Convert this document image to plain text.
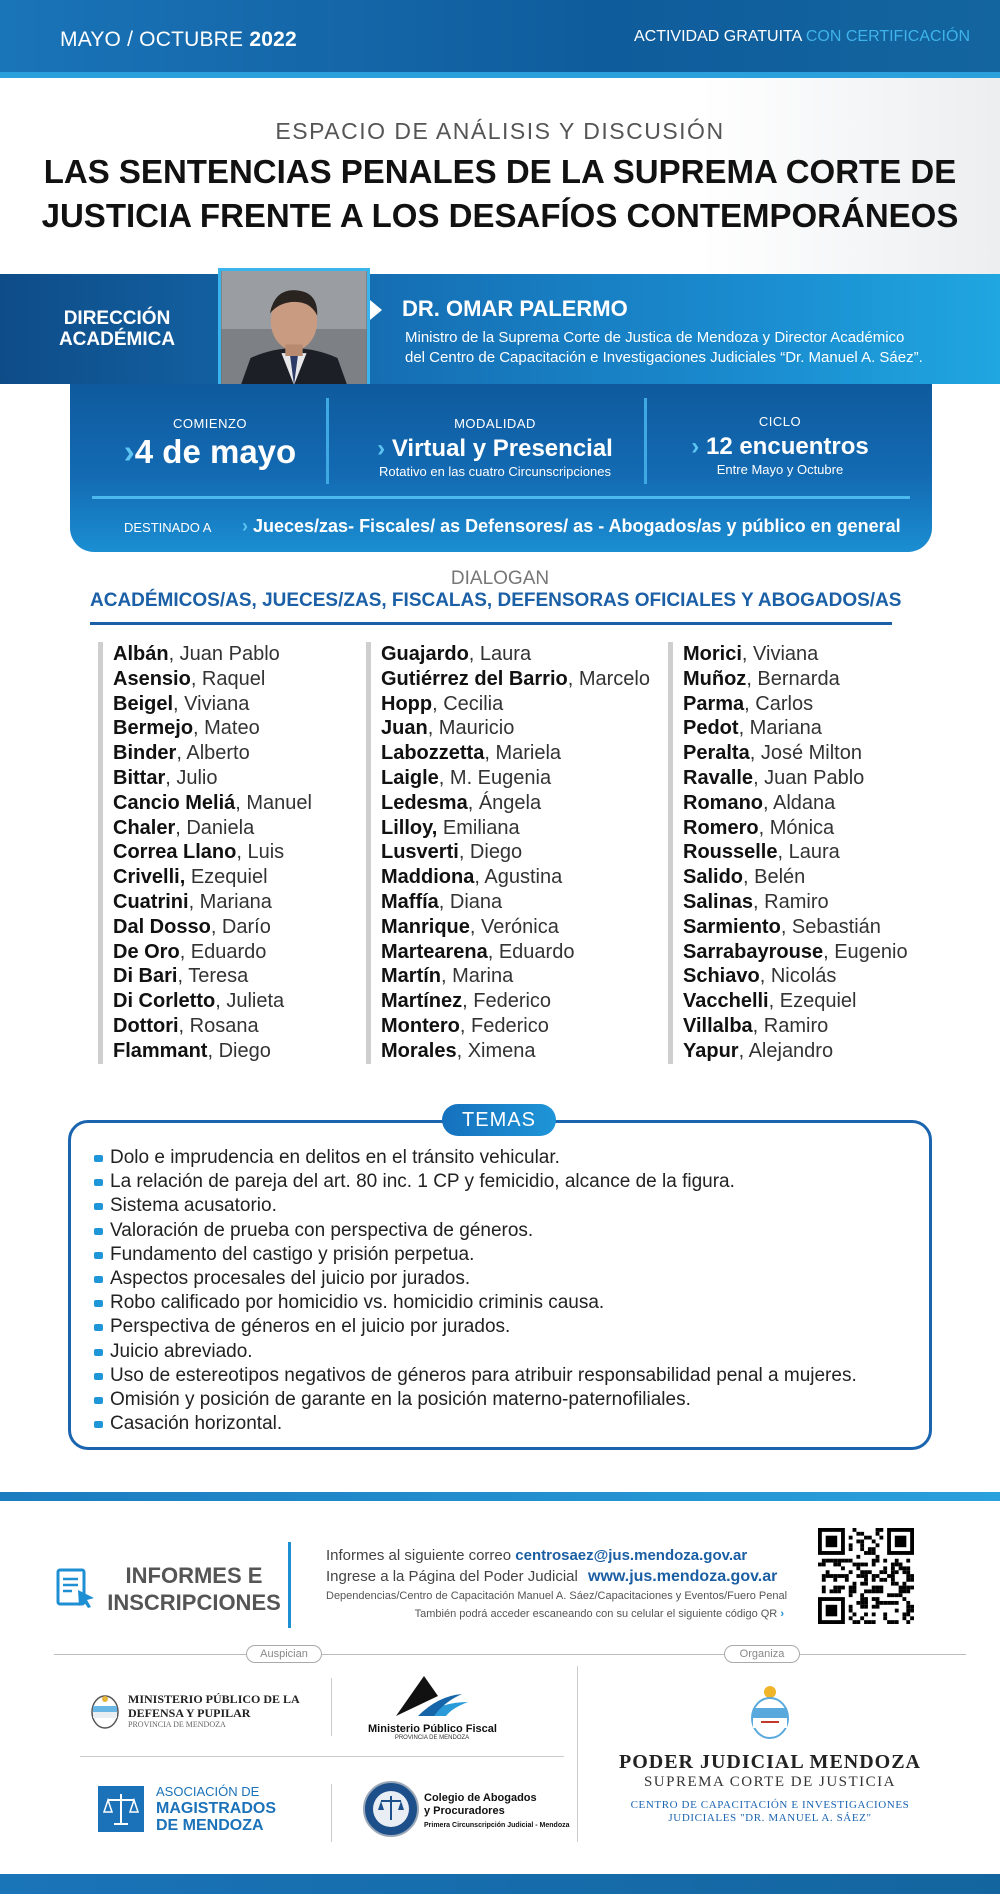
MAYO / OCTUBRE 2022	ACTIVIDAD GRATUITA CON CERTIFICACIÓN
ESPACIO DE ANÁLISIS Y DISCUSIÓN
LAS SENTENCIAS PENALES DE LA SUPREMA CORTE DE
JUSTICIA FRENTE A LOS DESAFÍOS CONTEMPORÁNEOS
DIRECCIÓN
ACADÉMICA
DR. OMAR PALERMO
Ministro de la Suprema Corte de Justica de Mendoza y Director Académico
del Centro de Capacitación e Investigaciones Judiciales “Dr. Manuel A. Sáez”.
COMIENZO
›4 de mayo
MODALIDAD
› Virtual y Presencial
Rotativo en las cuatro Circunscripciones
CICLO
› 12 encuentros
Entre Mayo y Octubre
DESTINADO A › Jueces/zas- Fiscales/ as Defensores/ as - Abogados/as y público en general
DIALOGAN
ACADÉMICOS/AS, JUECES/ZAS, FISCALAS, DEFENSORAS OFICIALES Y ABOGADOS/AS
Albán, Juan Pablo
Asensio, Raquel
Beigel, Viviana
Bermejo, Mateo
Binder, Alberto
Bittar, Julio
Cancio Meliá, Manuel
Chaler, Daniela
Correa Llano, Luis
Crivelli, Ezequiel
Cuatrini, Mariana
Dal Dosso, Darío
De Oro, Eduardo
Di Bari, Teresa
Di Corletto, Julieta
Dottori, Rosana
Flammant, Diego
Guajardo, Laura
Gutiérrez del Barrio, Marcelo
Hopp, Cecilia
Juan, Mauricio
Labozzetta, Mariela
Laigle, M. Eugenia
Ledesma, Ángela
Lilloy, Emiliana
Lusverti, Diego
Maddiona, Agustina
Maffía, Diana
Manrique, Verónica
Martearena, Eduardo
Martín, Marina
Martínez, Federico
Montero, Federico
Morales, Ximena
Morici, Viviana
Muñoz, Bernarda
Parma, Carlos
Pedot, Mariana
Peralta, José Milton
Ravalle, Juan Pablo
Romano, Aldana
Romero, Mónica
Rousselle, Laura
Salido, Belén
Salinas, Ramiro
Sarmiento, Sebastián
Sarrabayrouse, Eugenio
Schiavo, Nicolás
Vacchelli, Ezequiel
Villalba, Ramiro
Yapur, Alejandro
TEMAS
Dolo e imprudencia en delitos en el tránsito vehicular.
La relación de pareja del art. 80 inc. 1 CP y femicidio, alcance de la figura.
Sistema acusatorio.
Valoración de prueba con perspectiva de géneros.
Fundamento del castigo y prisión perpetua.
Aspectos procesales del juicio por jurados.
Robo calificado por homicidio vs. homicidio criminis causa.
Perspectiva de géneros en el juicio por jurados.
Juicio abreviado.
Uso de estereotipos negativos de géneros para atribuir responsabilidad penal a mujeres.
Omisión y posición de garante en la posición materno-paternofiliales.
Casación horizontal.
INFORMES E
INSCRIPCIONES
Informes al siguiente correo centrosaez@jus.mendoza.gov.ar
Ingrese a la Página del Poder Judicial www.jus.mendoza.gov.ar
Dependencias/Centro de Capacitación Manuel A. Sáez/Capacitaciones y Eventos/Fuero Penal
También podrá acceder escaneando con su celular el siguiente código QR ›
Auspician	Organiza
MINISTERIO PÚBLICO DE LA
DEFENSA Y PUPILAR
PROVINCIA DE MENDOZA	Ministerio Público Fiscal
PROVINCIA DE MENDOZA
ASOCIACIÓN DE
MAGISTRADOS
DE MENDOZA
Colegio de Abogados
y Procuradores
Primera Circunscripción Judicial - Mendoza
PODER JUDICIAL MENDOZA
SUPREMA CORTE DE JUSTICIA
CENTRO DE CAPACITACIÓN E INVESTIGACIONES
JUDICIALES "DR. MANUEL A. SÁEZ"
